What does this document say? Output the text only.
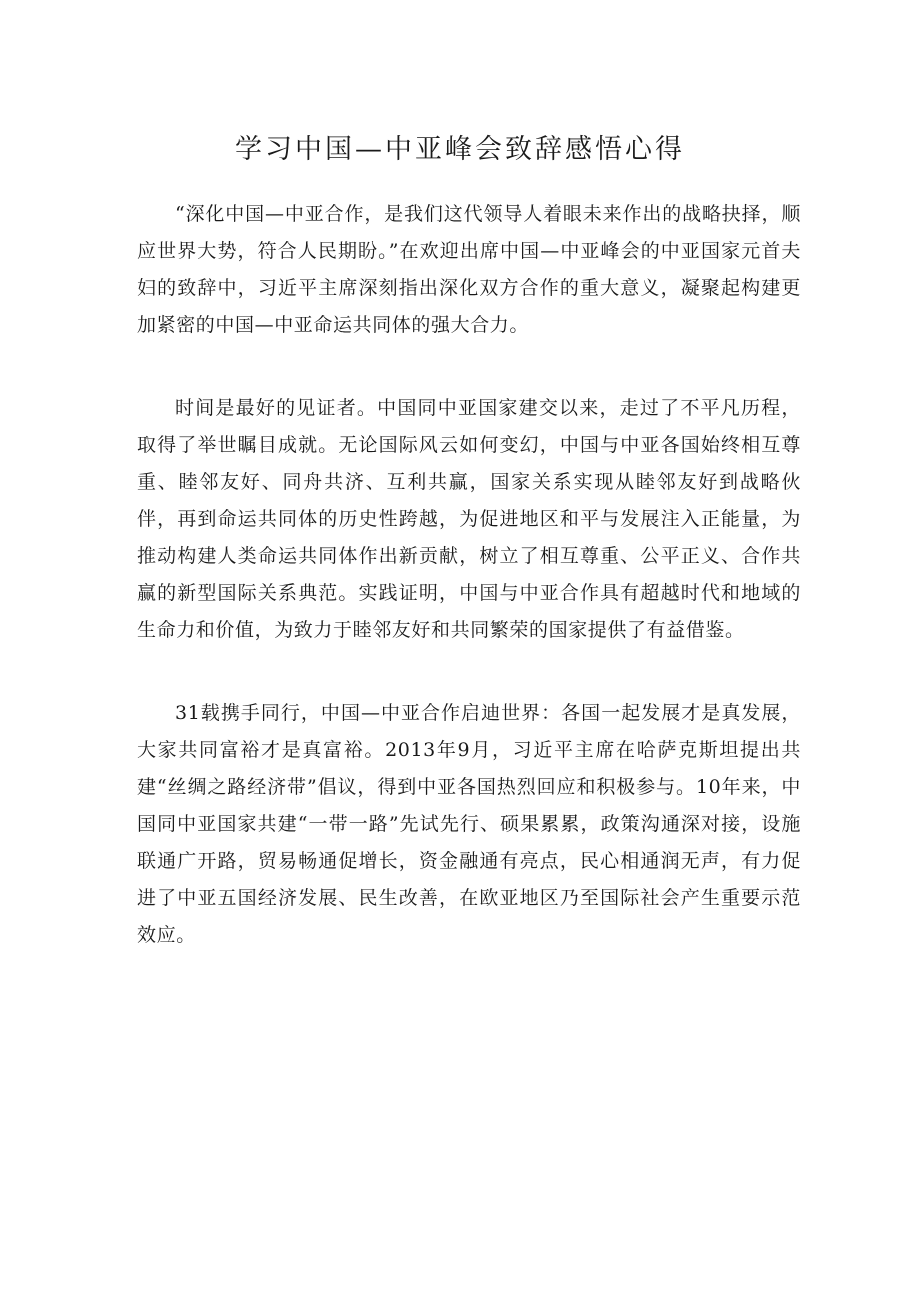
学习中国—中亚峰会致辞感悟心得

“深化中国—中亚合作，是我们这代领导人着眼未来作出的战略抉择，顺应世界大势，符合人民期盼。”在欢迎出席中国—中亚峰会的中亚国家元首夫妇的致辞中，习近平主席深刻指出深化双方合作的重大意义，凝聚起构建更加紧密的中国—中亚命运共同体的强大合力。

时间是最好的见证者。中国同中亚国家建交以来，走过了不平凡历程，取得了举世瞩目成就。无论国际风云如何变幻，中国与中亚各国始终相互尊重、睦邻友好、同舟共济、互利共赢，国家关系实现从睦邻友好到战略伙伴，再到命运共同体的历史性跨越，为促进地区和平与发展注入正能量，为推动构建人类命运共同体作出新贡献，树立了相互尊重、公平正义、合作共赢的新型国际关系典范。实践证明，中国与中亚合作具有超越时代和地域的生命力和价值，为致力于睦邻友好和共同繁荣的国家提供了有益借鉴。

31载携手同行，中国—中亚合作启迪世界：各国一起发展才是真发展，大家共同富裕才是真富裕。2013年9月，习近平主席在哈萨克斯坦提出共建“丝绸之路经济带”倡议，得到中亚各国热烈回应和积极参与。10年来，中国同中亚国家共建“一带一路”先试先行、硕果累累，政策沟通深对接，设施联通广开路，贸易畅通促增长，资金融通有亮点，民心相通润无声，有力促进了中亚五国经济发展、民生改善，在欧亚地区乃至国际社会产生重要示范效应。
